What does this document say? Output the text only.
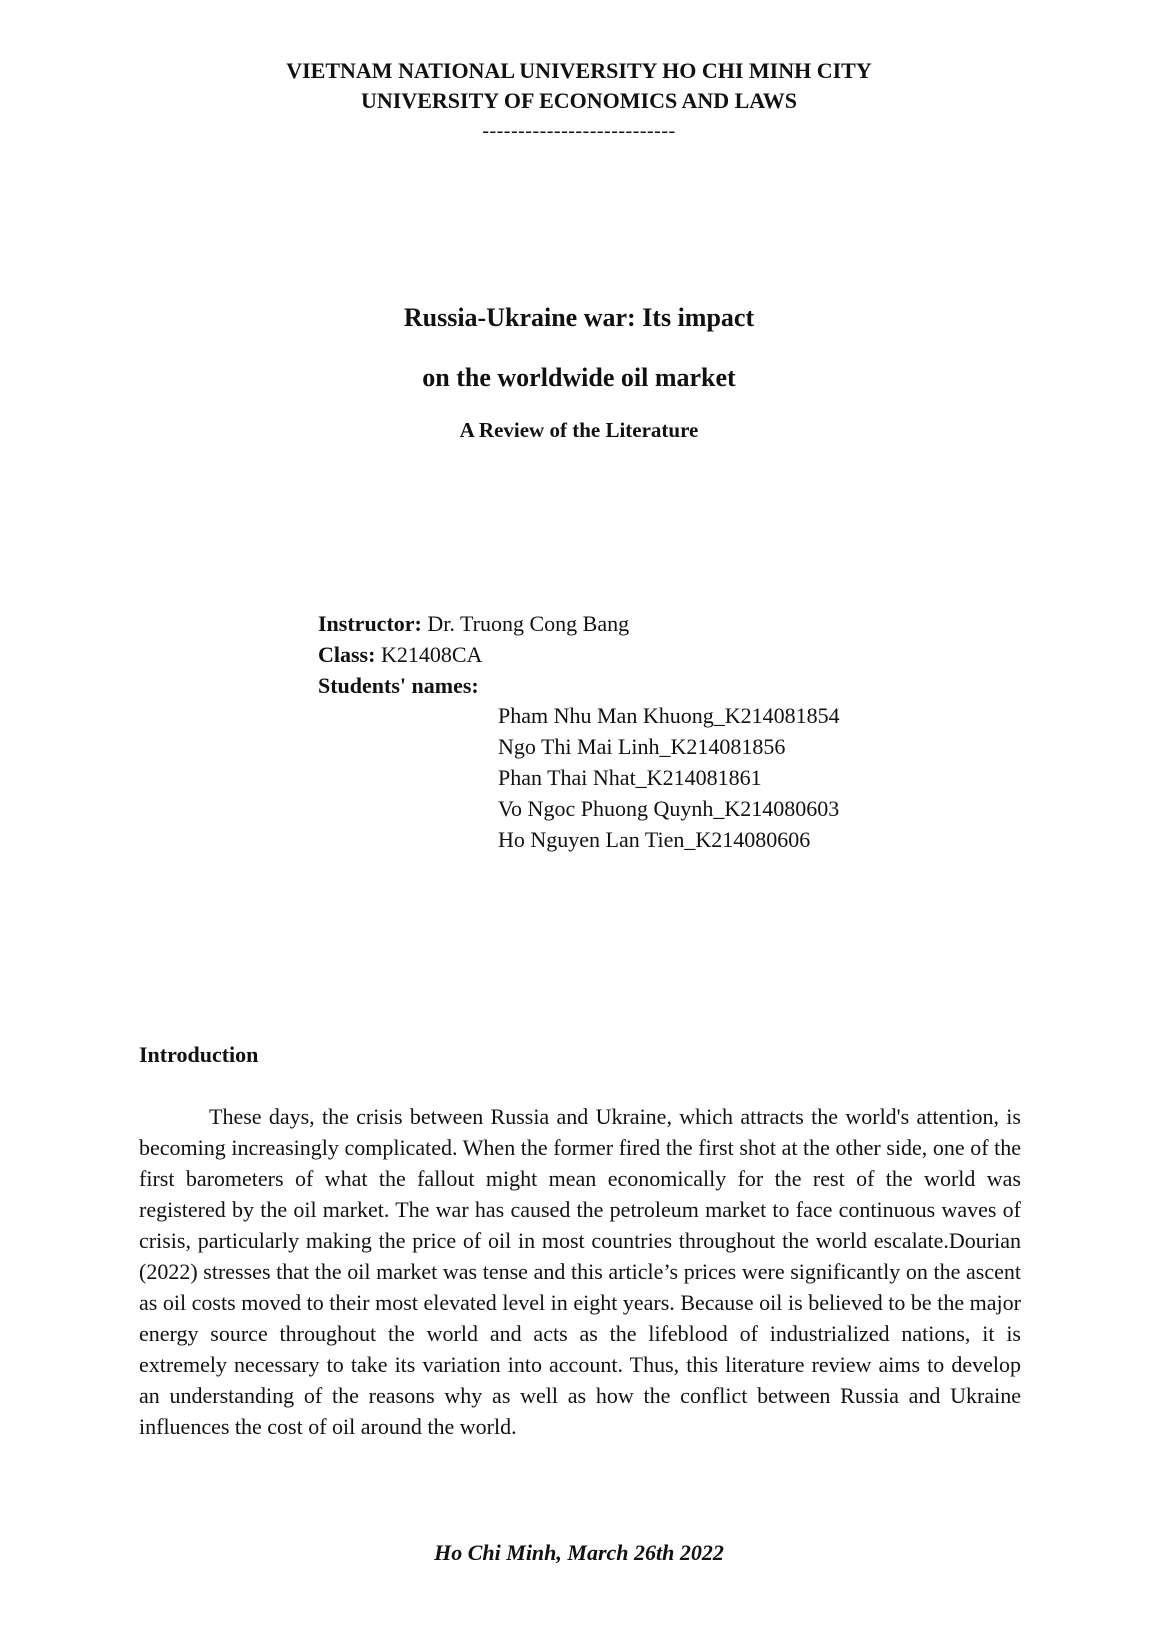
VIETNAM NATIONAL UNIVERSITY HO CHI MINH CITY
UNIVERSITY OF ECONOMICS AND LAWS
---------------------------
Russia-Ukraine war: Its impact
on the worldwide oil market
A Review of the Literature
Instructor: Dr. Truong Cong Bang
Class: K21408CA
Students' names:
Pham Nhu Man Khuong_K214081854
Ngo Thi Mai Linh_K214081856
Phan Thai Nhat_K214081861
Vo Ngoc Phuong Quynh_K214080603
Ho Nguyen Lan Tien_K214080606
Introduction

These days, the crisis between Russia and Ukraine, which attracts the world's attention, is becoming increasingly complicated. When the former fired the first shot at the other side, one of the first barometers of what the fallout might mean economically for the rest of the world was registered by the oil market. The war has caused the petroleum market to face continuous waves of crisis, particularly making the price of oil in most countries throughout the world escalate.Dourian (2022) stresses that the oil market was tense and this article’s prices were significantly on the ascent as oil costs moved to their most elevated level in eight years. Because oil is believed to be the major energy source throughout the world and acts as the lifeblood of industrialized nations, it is extremely necessary to take its variation into account. Thus, this literature review aims to develop an understanding of the reasons why as well as how the conflict between Russia and Ukraine influences the cost of oil around the world.

Ho Chi Minh, March 26th 2022
